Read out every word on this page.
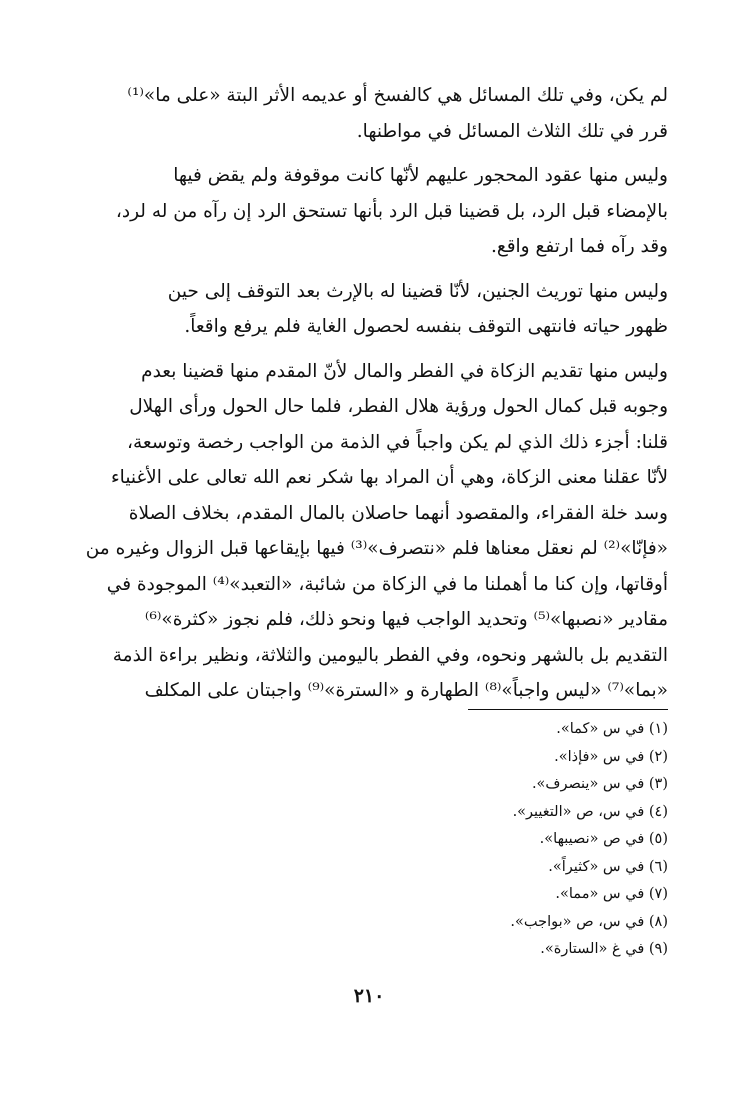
لم يكن، وفي تلك المسائل هي كالفسخ أو عديمه الأثر البتة «على ما»⁽¹⁾
قرر في تلك الثلاث المسائل في مواطنها.

وليس منها عقود المحجور عليهم لأنّها كانت موقوفة ولم يقض فيها
بالإمضاء قبل الرد، بل قضينا قبل الرد بأنها تستحق الرد إن رآه من له لرد،
وقد رآه فما ارتفع واقع.

وليس منها توريث الجنين، لأنّا قضينا له بالإرث بعد التوقف إلى حين
ظهور حياته فانتهى التوقف بنفسه لحصول الغاية فلم يرفع واقعاً.

وليس منها تقديم الزكاة في الفطر والمال لأنّ المقدم منها قضينا بعدم
وجوبه قبل كمال الحول ورؤية هلال الفطر، فلما حال الحول ورأى الهلال
قلنا: أجزء ذلك الذي لم يكن واجباً في الذمة من الواجب رخصة وتوسعة،
لأنّا عقلنا معنى الزكاة، وهي أن المراد بها شكر نعم الله تعالى على الأغنياء
وسد خلة الفقراء، والمقصود أنهما حاصلان بالمال المقدم، بخلاف الصلاة
«فإنّا»⁽²⁾ لم نعقل معناها فلم «نتصرف»⁽³⁾ فيها بإيقاعها قبل الزوال وغيره من
أوقاتها، وإن كنا ما أهملنا ما في الزكاة من شائبة، «التعبد»⁽⁴⁾ الموجودة في
مقادير «نصبها»⁽⁵⁾ وتحديد الواجب فيها ونحو ذلك، فلم نجوز «كثرة»⁽⁶⁾
التقديم بل بالشهر ونحوه، وفي الفطر باليومين والثلاثة، ونظير براءة الذمة
«بما»⁽⁷⁾ «ليس واجباً»⁽⁸⁾ الطهارة و «السترة»⁽⁹⁾ واجبتان على المكلف

(١) في س «كما».
(٢) في س «فإذا».
(٣) في س «ينصرف».
(٤) في س، ص «التغيير».
(٥) في ص «نصيبها».
(٦) في س «كثيراً».
(٧) في س «مما».
(٨) في س، ص «بواجب».
(٩) في غ «الستارة».
٢١٠
